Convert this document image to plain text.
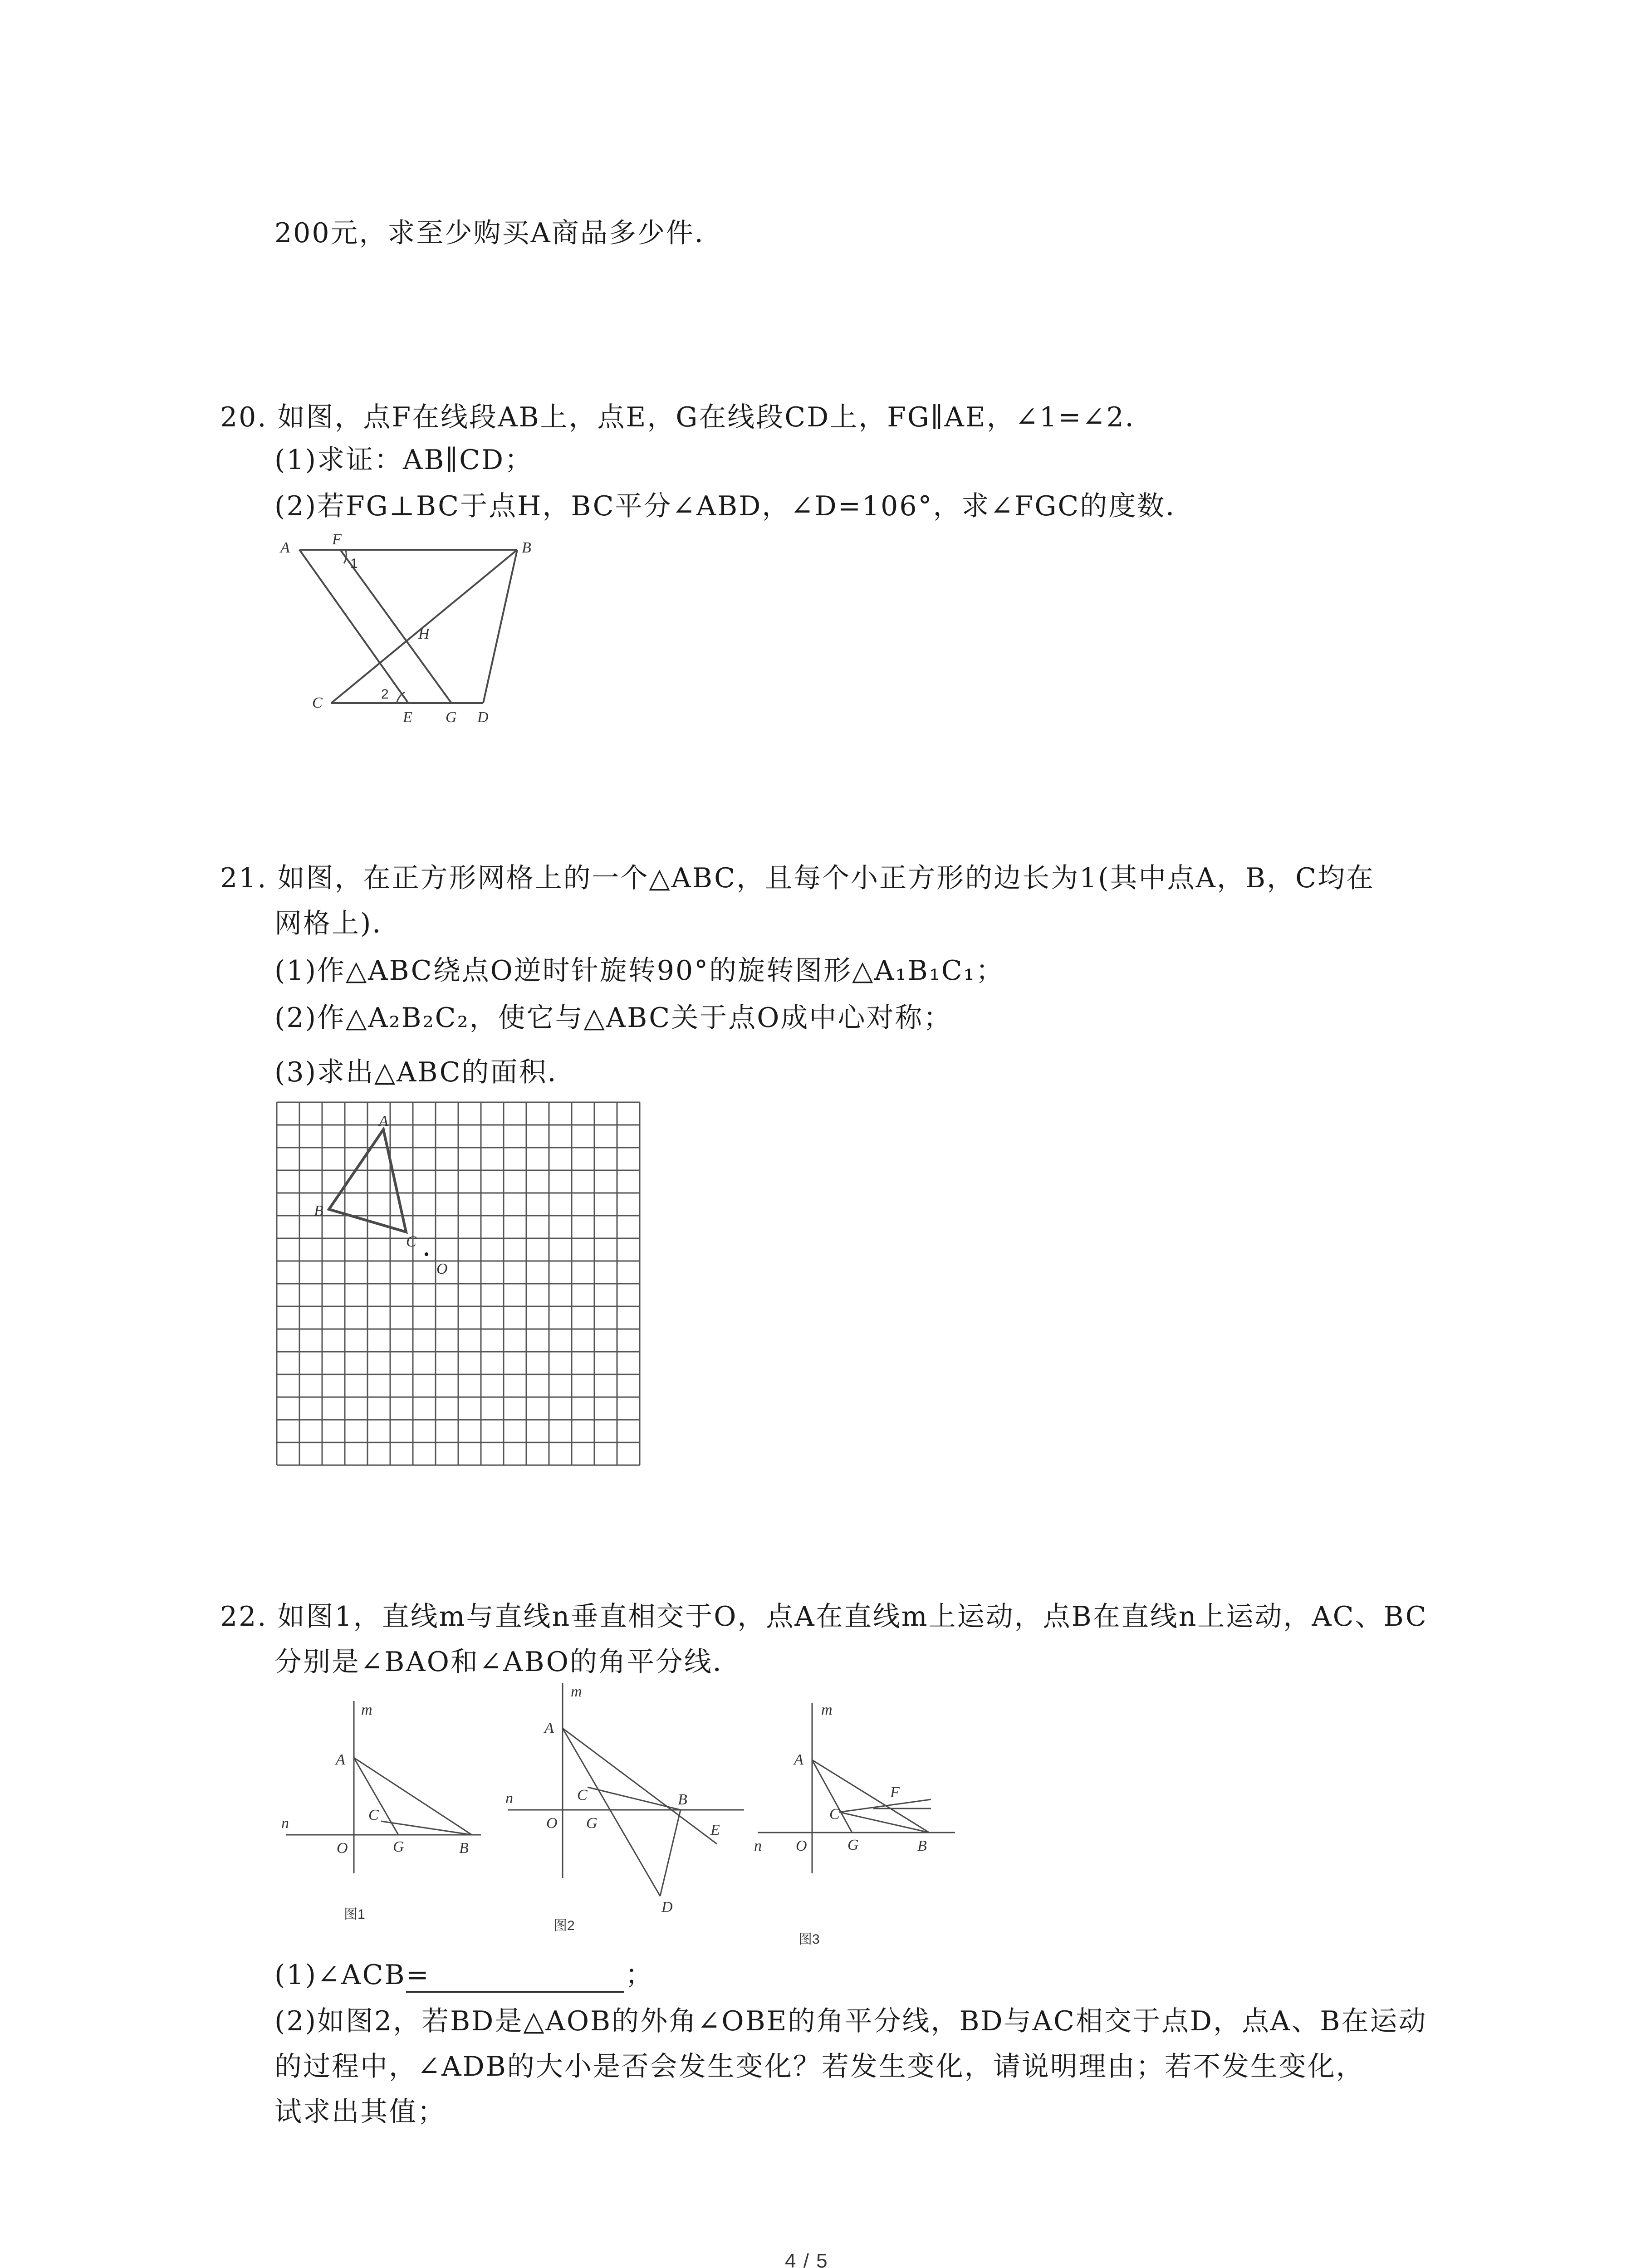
200元，求至少购买A商品多少件．
20. 如图，点F在线段AB上，点E，G在线段CD上，FG∥AE，∠1=∠2．
(1)求证：AB∥CD；
(2)若FG⊥BC于点H，BC平分∠ABD，∠D=106°，求∠FGC的度数．
A	F
1
B
H
C
2
E G D
21. 如图，在正方形网格上的一个△ABC，且每个小正方形的边长为1(其中点A，B，C均在
网格上)．
(1)作△ABC绕点O逆时针旋转90°的旋转图形△A₁B₁C₁；
(2)作△A₂B₂C₂，使它与△ABC关于点O成中心对称；
(3)求出△ABC的面积．
A
B
C
O
22. 如图1，直线m与直线n垂直相交于O，点A在直线m上运动，点B在直线n上运动，AC、BC
分别是∠BAO和∠ABO的角平分线．
m
n
A
C
O	G	B
图1
m
n
A
C
O G
B
E
D
图2
m
n
A
F
C
O	G	B
图3
(1)∠ACB=	；
(2)如图2，若BD是△AOB的外角∠OBE的角平分线，BD与AC相交于点D，点A、B在运动
的过程中，∠ADB的大小是否会发生变化？若发生变化，请说明理由；若不发生变化，
试求出其值；
4 / 5
